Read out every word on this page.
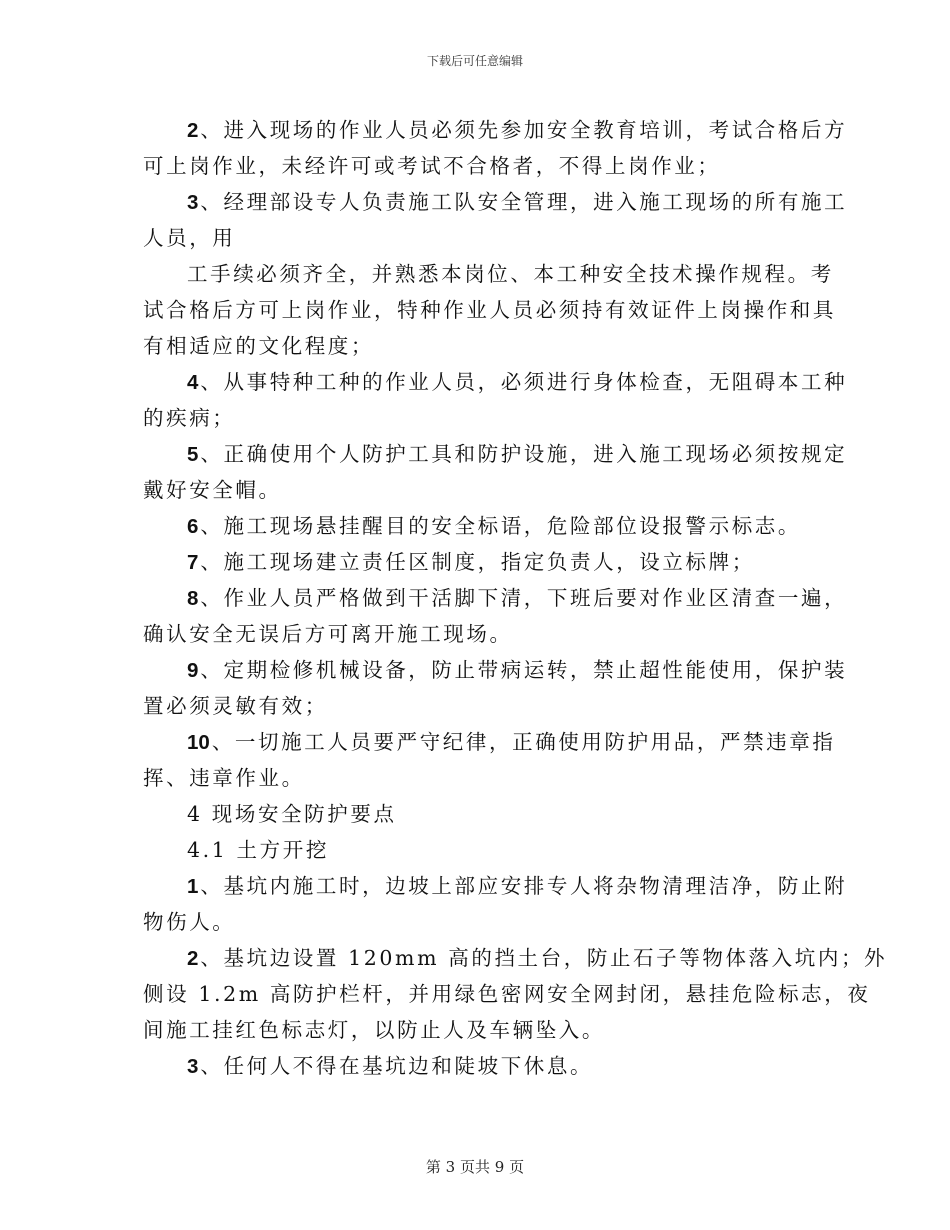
下载后可任意编辑
2、进入现场的作业人员必须先参加安全教育培训，考试合格后方
可上岗作业，未经许可或考试不合格者，不得上岗作业；
3、经理部设专人负责施工队安全管理，进入施工现场的所有施工
人员，用
工手续必须齐全，并熟悉本岗位、本工种安全技术操作规程。考
试合格后方可上岗作业，特种作业人员必须持有效证件上岗操作和具
有相适应的文化程度；
4、从事特种工种的作业人员，必须进行身体检查，无阻碍本工种
的疾病；
5、正确使用个人防护工具和防护设施，进入施工现场必须按规定
戴好安全帽。
6、施工现场悬挂醒目的安全标语，危险部位设报警示标志。
7、施工现场建立责任区制度，指定负责人，设立标牌；
8、作业人员严格做到干活脚下清，下班后要对作业区清查一遍，
确认安全无误后方可离开施工现场。
9、定期检修机械设备，防止带病运转，禁止超性能使用，保护装
置必须灵敏有效；
10、一切施工人员要严守纪律，正确使用防护用品，严禁违章指
挥、违章作业。
4 现场安全防护要点
4.1 土方开挖
1、基坑内施工时，边坡上部应安排专人将杂物清理洁净，防止附
物伤人。
2、基坑边设置 120mm 高的挡土台，防止石子等物体落入坑内；外
侧设 1.2m 高防护栏杆，并用绿色密网安全网封闭，悬挂危险标志，夜
间施工挂红色标志灯，以防止人及车辆坠入。
3、任何人不得在基坑边和陡坡下休息。
第 3 页共 9 页
